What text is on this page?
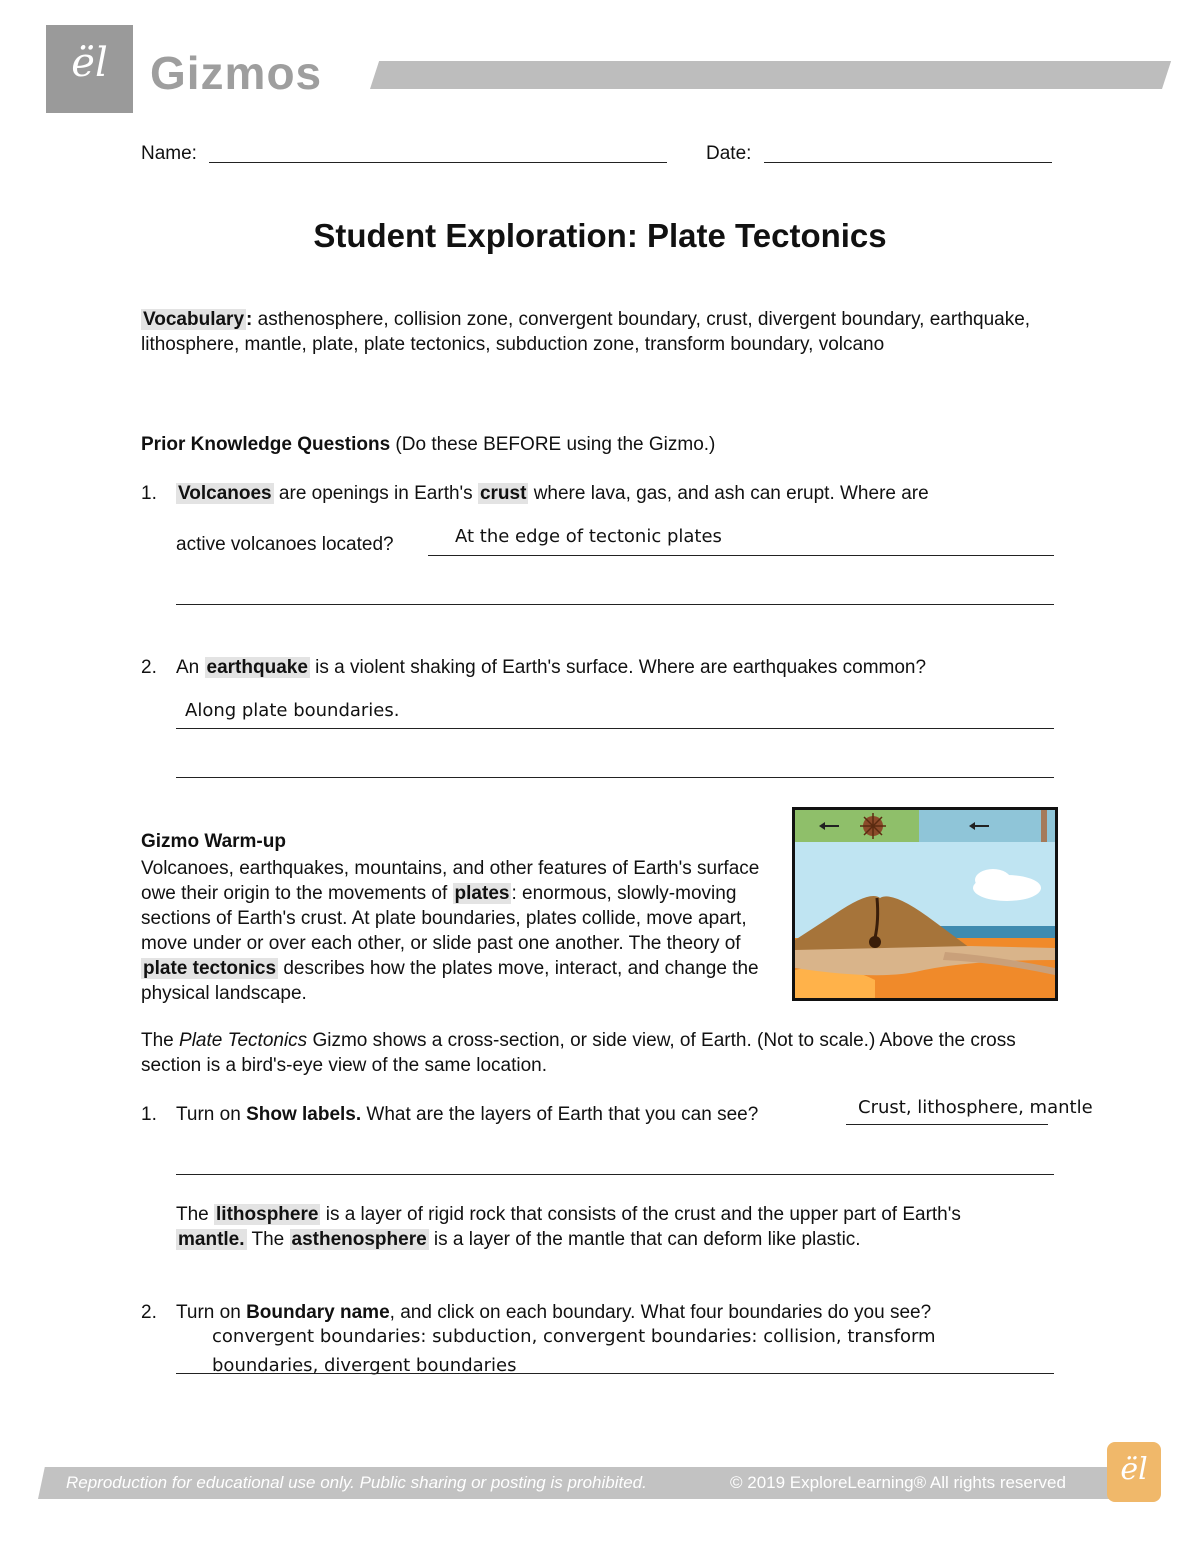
ël Gizmos
Name:	Date:
Student Exploration: Plate Tectonics
Vocabulary : asthenosphere, collision zone, convergent boundary, crust, divergent boundary, earthquake, lithosphere, mantle, plate, plate tectonics, subduction zone, transform boundary, volcano
Prior Knowledge Questions (Do these BEFORE using the Gizmo.)
1. Volcanoes are openings in Earth's crust where lava, gas, and ash can erupt. Where are
active volcanoes located?	At the edge of tectonic plates
2. An earthquake is a violent shaking of Earth's surface. Where are earthquakes common?
Along plate boundaries.
Gizmo Warm-up
Volcanoes, earthquakes, mountains, and other features of Earth's surface owe their origin to the movements of plates : enormous, slowly-moving sections of Earth's crust. At plate boundaries, plates collide, move apart, move under or over each other, or slide past one another. The theory of plate tectonics describes how the plates move, interact, and change the physical landscape.
The Plate Tectonics Gizmo shows a cross-section, or side view, of Earth. (Not to scale.) Above the cross section is a bird's-eye view of the same location.
1. Turn on Show labels. What are the layers of Earth that you can see?	Crust, lithosphere, mantle
The lithosphere is a layer of rigid rock that consists of the crust and the upper part of Earth's mantle. The asthenosphere is a layer of the mantle that can deform like plastic.
2. Turn on Boundary name, and click on each boundary. What four boundaries do you see?
convergent boundaries: subduction, convergent boundaries: collision, transform
boundaries, divergent boundaries
Reproduction for educational use only. Public sharing or posting is prohibited.	© 2019 ExploreLearning® All rights reserved	ël
